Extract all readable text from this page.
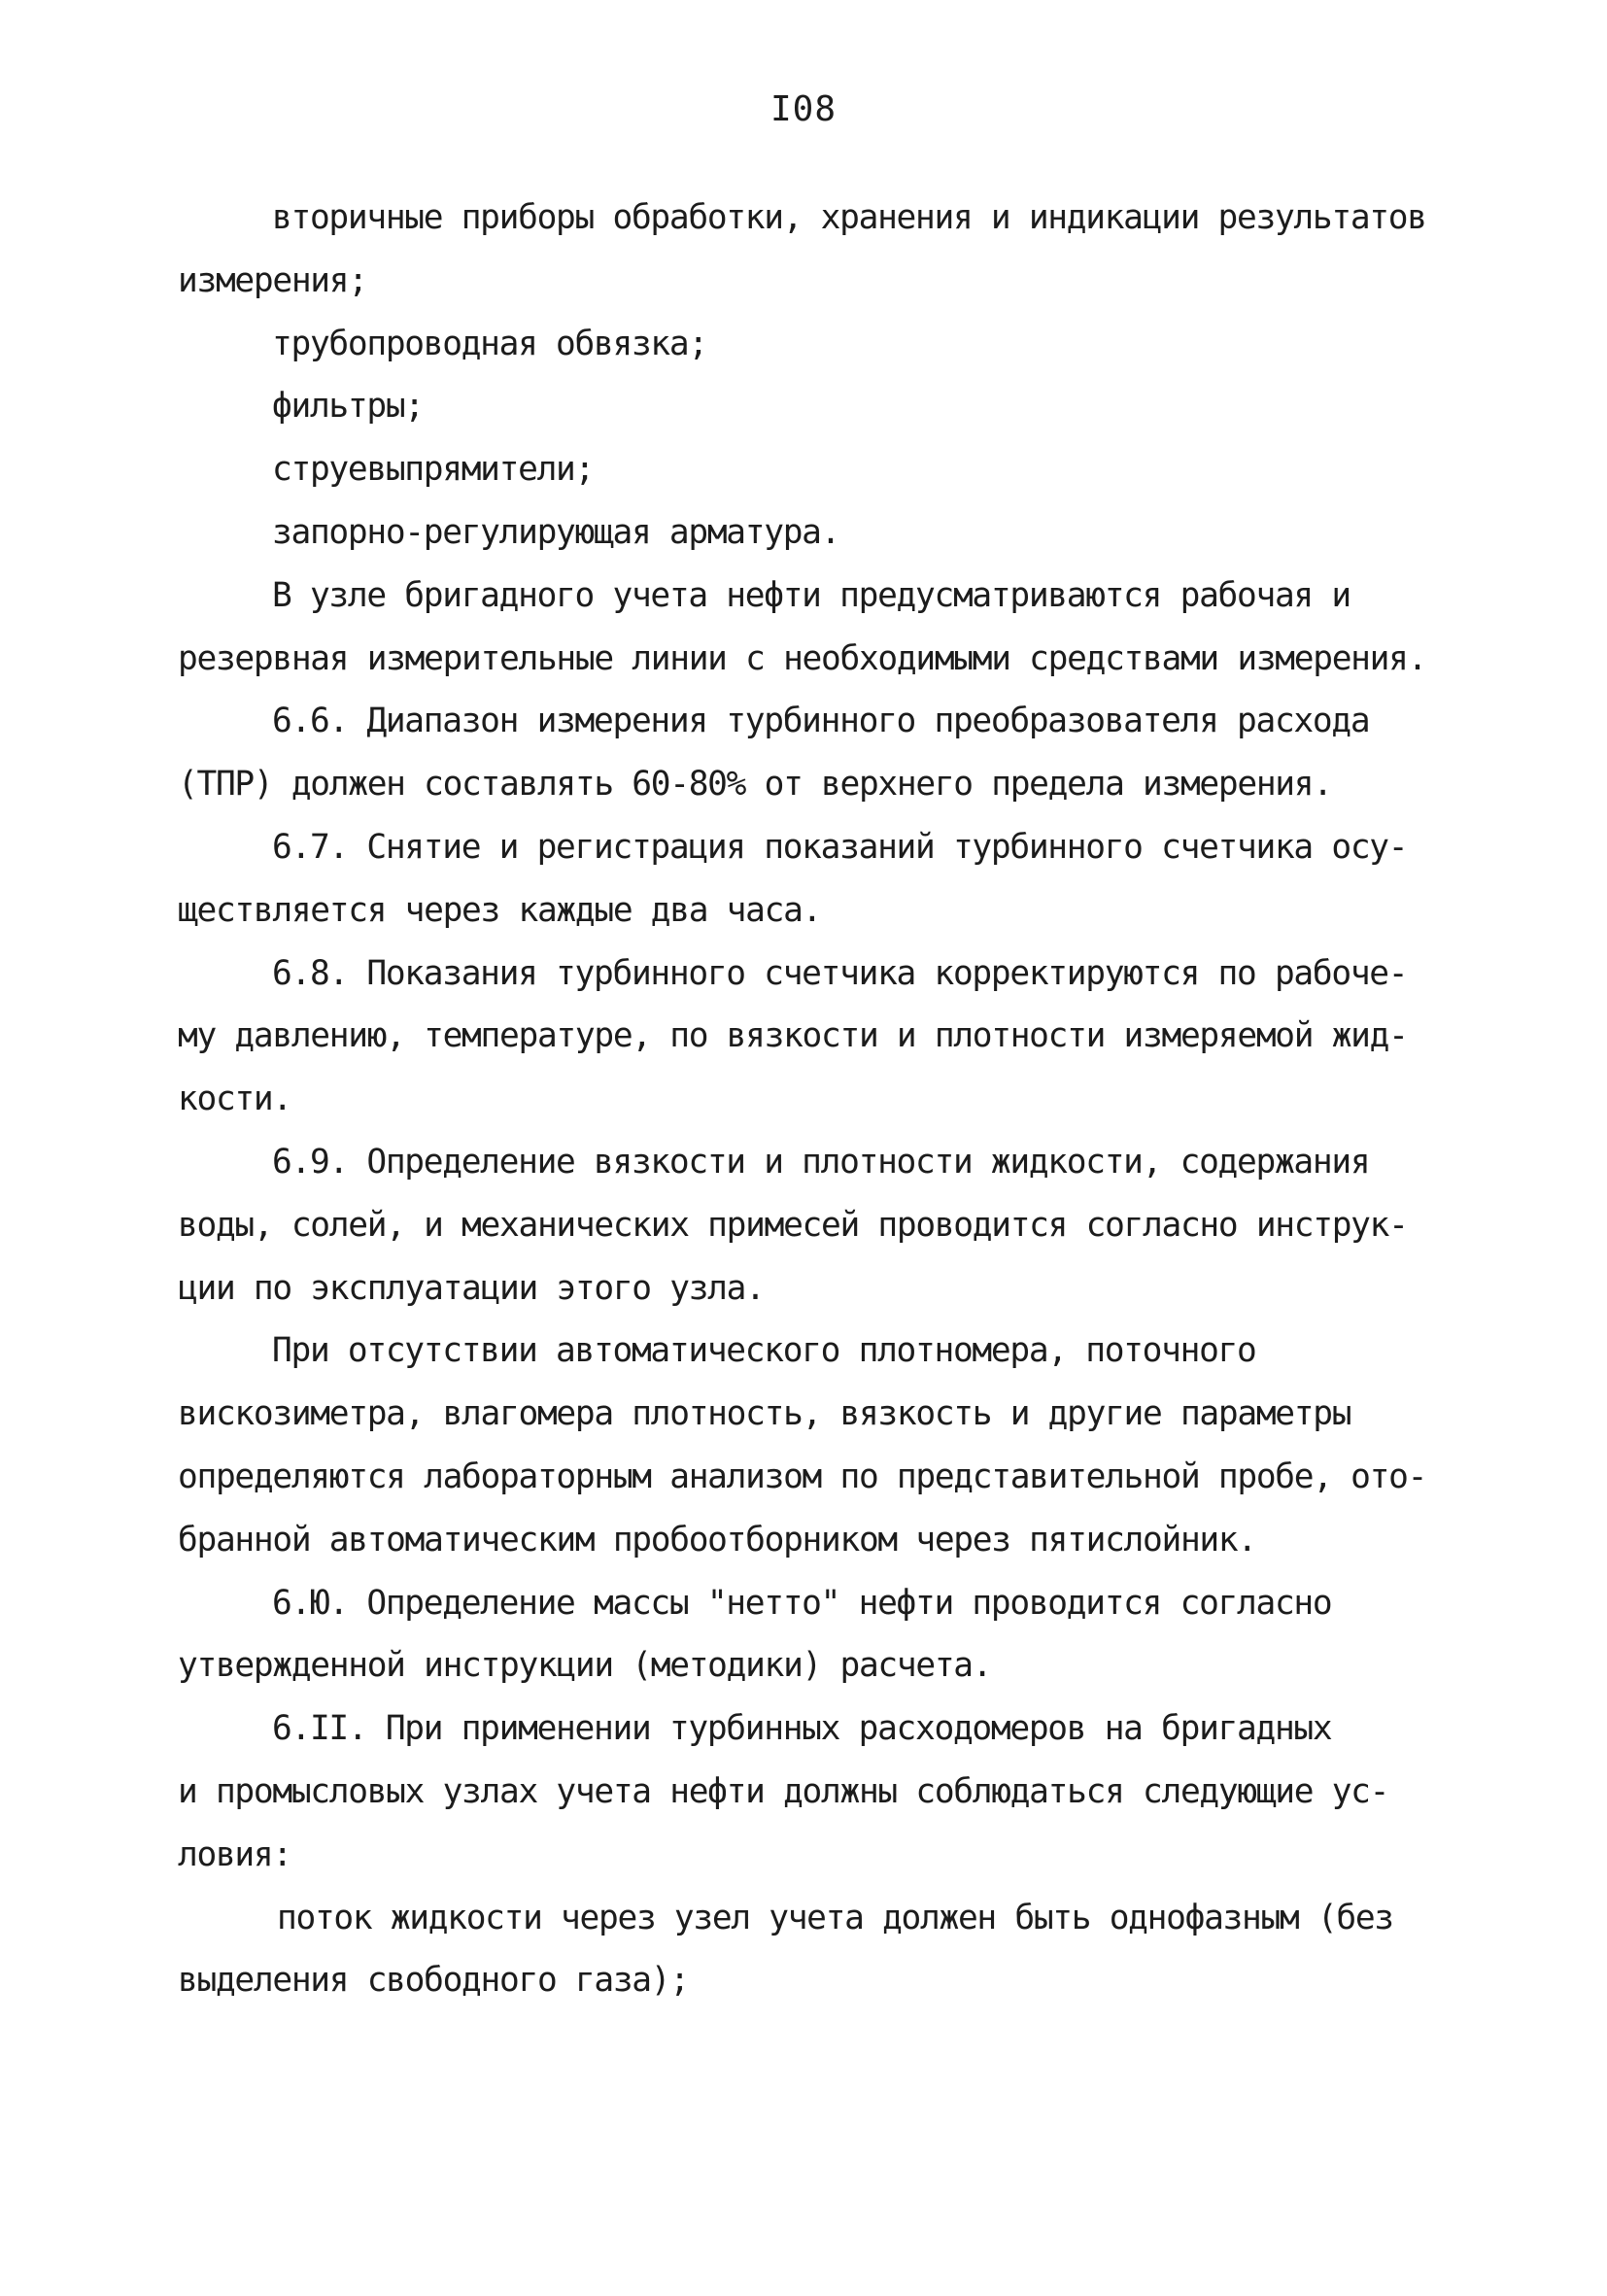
I08
вторичные приборы обработки, хранения и индикации результатов
измерения;
трубопроводная обвязка;
фильтры;
струевыпрямители;
запорно-регулирующая арматура.
В узле бригадного учета нефти предусматриваются рабочая и
резервная измерительные линии с необходимыми средствами измерения.
6.6. Диапазон измерения турбинного преобразователя расхода
(ТПР) должен составлять 60-80% от верхнего предела измерения.
6.7. Снятие и регистрация показаний турбинного счетчика осу-
ществляется через каждые два часа.
6.8. Показания турбинного счетчика корректируются по рабоче-
му давлению, температуре, по вязкости и плотности измеряемой жид-
кости.
6.9. Определение вязкости и плотности жидкости, содержания
воды, солей, и механических примесей проводится согласно инструк-
ции по эксплуатации этого узла.
При отсутствии автоматического плотномера, поточного
вискозиметра, влагомера плотность, вязкость и другие параметры
определяются лабораторным анализом по представительной пробе, ото-
бранной автоматическим пробоотборником через пятислойник.
6.Ю. Определение массы "нетто" нефти проводится согласно
утвержденной инструкции (методики) расчета.
6.II. При применении турбинных расходомеров на бригадных
и промысловых узлах учета нефти должны соблюдаться следующие ус-
ловия:
поток жидкости через узел учета должен быть однофазным (без
выделения свободного газа);
